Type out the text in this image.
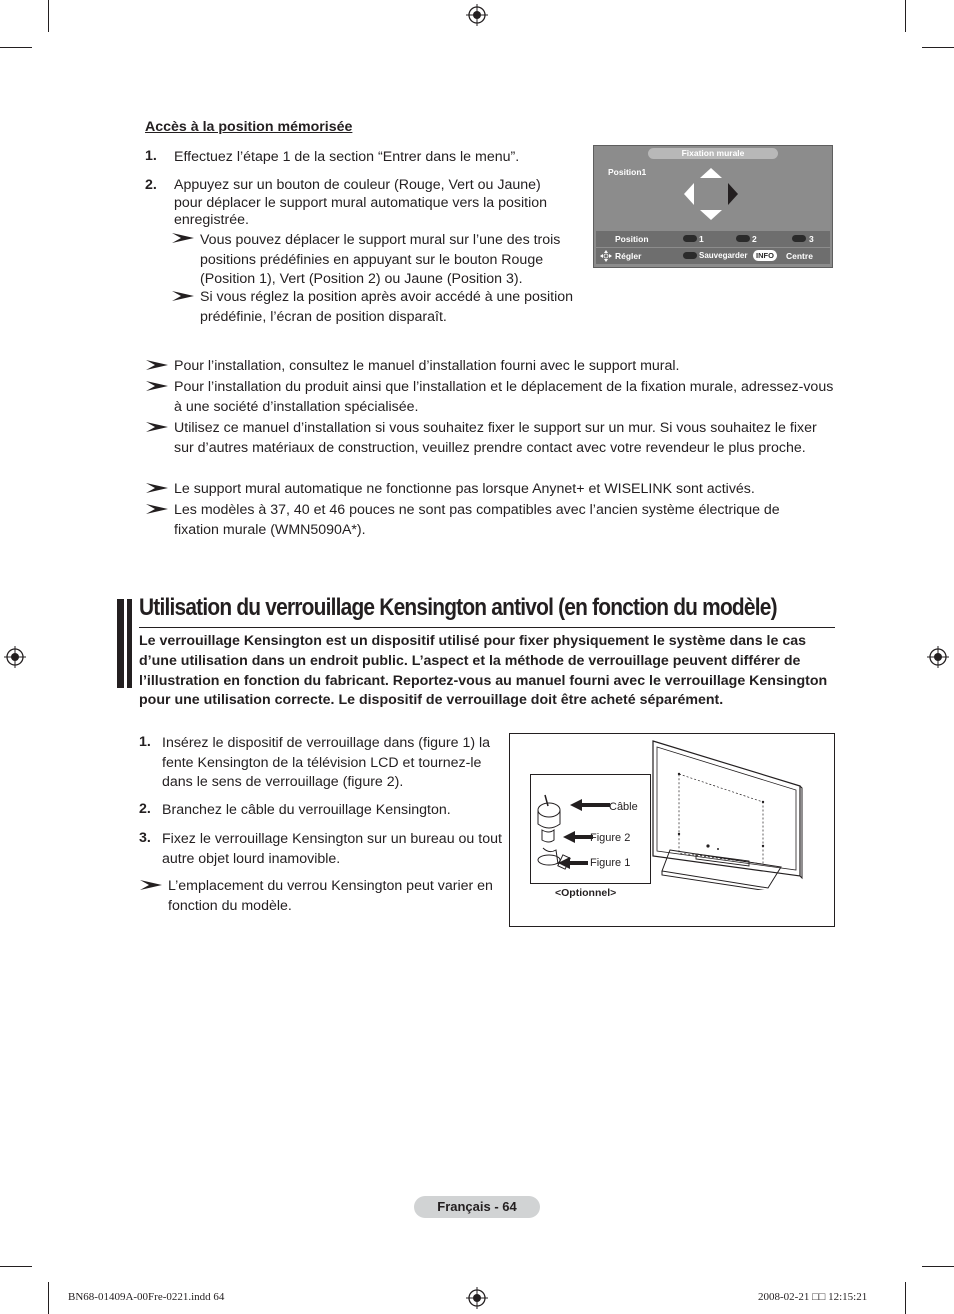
Accès à la position mémorisée
1. Effectuez l’étape 1 de la section “Entrer dans le menu”.
2. Appuyez sur un bouton de couleur (Rouge, Vert ou Jaune) pour déplacer le support mural automatique vers la position enregistrée.
Vous pouvez déplacer le support mural sur l’une des trois positions prédéfinies en appuyant sur le bouton Rouge (Position 1), Vert (Position 2) ou Jaune (Position 3).
Si vous réglez la position après avoir accédé à une position prédéfinie, l’écran de position disparaît.
Fixation murale
Position1
Position	1	2	3
Régler	Sauvegarder	INFO	Centre
Pour l’installation, consultez le manuel d’installation fourni avec le support mural.
Pour l’installation du produit ainsi que l’installation et le déplacement de la fixation murale, adressez-vous à une société d’installation spécialisée.
Utilisez ce manuel d’installation si vous souhaitez fixer le support sur un mur. Si vous souhaitez le fixer sur d’autres matériaux de construction, veuillez prendre contact avec votre revendeur le plus proche.
Le support mural automatique ne fonctionne pas lorsque Anynet+ et WISELINK sont activés.
Les modèles à 37, 40 et 46 pouces ne sont pas compatibles avec l’ancien système électrique de fixation murale (WMN5090A*).
Utilisation du verrouillage Kensington antivol (en fonction du modèle)
Le verrouillage Kensington est un dispositif utilisé pour fixer physiquement le système dans le cas d’une utilisation dans un endroit public. L’aspect et la méthode de verrouillage peuvent différer de l’illustration en fonction du fabricant. Reportez-vous au manuel fourni avec le verrouillage Kensington pour une utilisation correcte. Le dispositif de verrouillage doit être acheté séparément.
1. Insérez le dispositif de verrouillage dans (figure 1) la fente Kensington de la télévision LCD et tournez-le dans le sens de verrouillage (figure 2).
2. Branchez le câble du verrouillage Kensington.
3. Fixez le verrouillage Kensington sur un bureau ou tout autre objet lourd inamovible.
L’emplacement du verrou Kensington peut varier en fonction du modèle.
Câble
Figure 2
Figure 1
<Optionnel>
Français - 64
BN68-01409A-00Fre-0221.indd 64	2008-02-21 □□ 12:15:21
